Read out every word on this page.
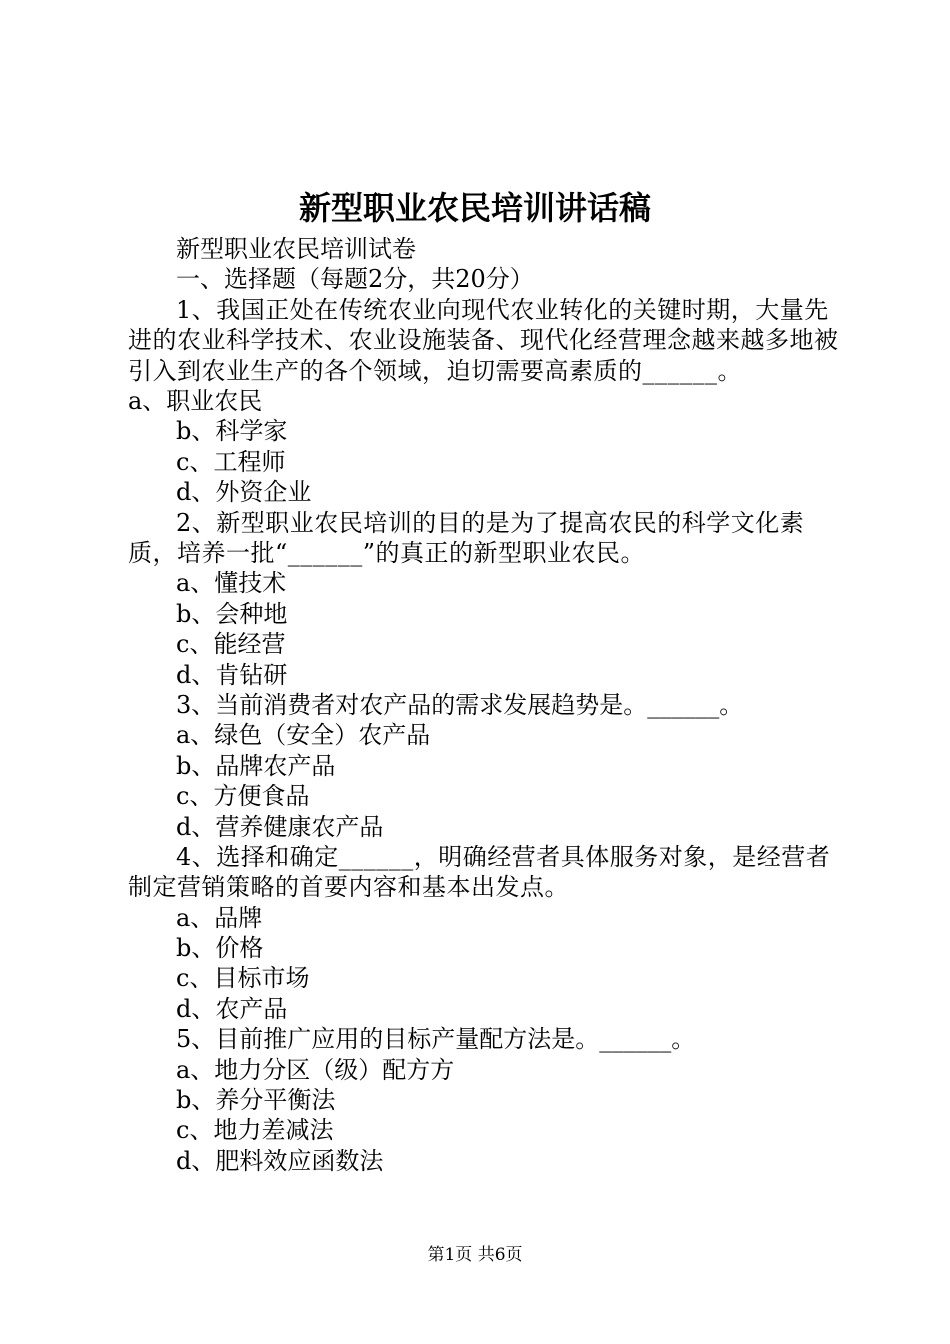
新型职业农民培训讲话稿
新型职业农民培训试卷
一、选择题（每题2分，共20分）
1、我国正处在传统农业向现代农业转化的关键时期，大量先进的农业科学技术、农业设施装备、现代化经营理念越来越多地被引入到农业生产的各个领域，迫切需要高素质的______。
a、职业农民
b、科学家
c、工程师
d、外资企业
2、新型职业农民培训的目的是为了提高农民的科学文化素质，培养一批“______”的真正的新型职业农民。
a、懂技术
b、会种地
c、能经营
d、肯钻研
3、当前消费者对农产品的需求发展趋势是。______。
a、绿色（安全）农产品
b、品牌农产品
c、方便食品
d、营养健康农产品
4、选择和确定______，明确经营者具体服务对象，是经营者制定营销策略的首要内容和基本出发点。
a、品牌
b、价格
c、目标市场
d、农产品
5、目前推广应用的目标产量配方法是。______。
a、地力分区（级）配方方
b、养分平衡法
c、地力差减法
d、肥料效应函数法
第1页 共6页
